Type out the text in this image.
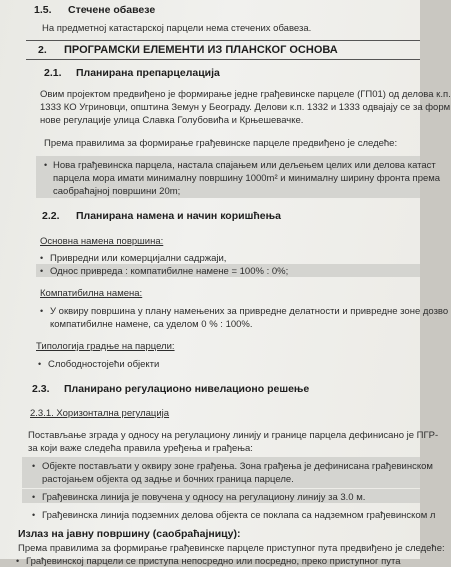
1.5. Стечене обавезе
На предметној катастарској парцели нема стечених обавеза.
2. ПРОГРАМСКИ ЕЛЕМЕНТИ ИЗ ПЛАНСКОГ ОСНОВА
2.1. Планирана препарцелација
Овим пројектом предвиђено је формирање једне грађевинске парцеле (ГП01) од делова к.п.
1333 КО Угриновци, општина Земун у Београду. Делови к.п. 1332 и 1333 одвајају се за форм
нове регулације улица Славка Голубовића и Крњешевачке.
Према правилима за формирање грађевинске парцеле предвиђено је следеће:
• Нова грађевинска парцела, настала спајањем или дељењем целих или делова катаст
парцела мора имати минималну површину 1000m² и минималну ширину фронта према
саобраћајној површини 20m;
2.2. Планирана намена и начин коришћења
Основна намена површина:
• Привредни или комерцијални садржаји,
• Однос привреда : компатибилне намене = 100% : 0%;
Компатибилна намена:
• У оквиру површина у плану намењених за привредне делатности и привредне зоне дозво
компатибилне намене, са уделом 0 % : 100%.
Типологија градње на парцели:
• Слободностојећи објекти
2.3. Планирано регулационо нивелационо решење
2.3.1. Хоризонтална регулација
Постављање зграда у односу на регулациону линију и границе парцела дефинисано је ПГР-
за који важе следећа правила уређења и грађења:
• Објекте постављати у оквиру зоне грађења. Зона грађења је дефинисана грађевинском
растојањем објекта од задње и бочних граница парцеле.
• Грађевинска линија је повучена у односу на регулациону линију за 3.0 м.
• Грађевинска линија подземних делова објекта се поклапа са надземном грађевинском л
Излаз на јавну површину (саобраћајницу):
Према правилима за формирање грађевинске парцеле приступног пута предвиђено је следеће:
• Грађевинској парцели се приступа непосредно или посредно, преко приступног пута
